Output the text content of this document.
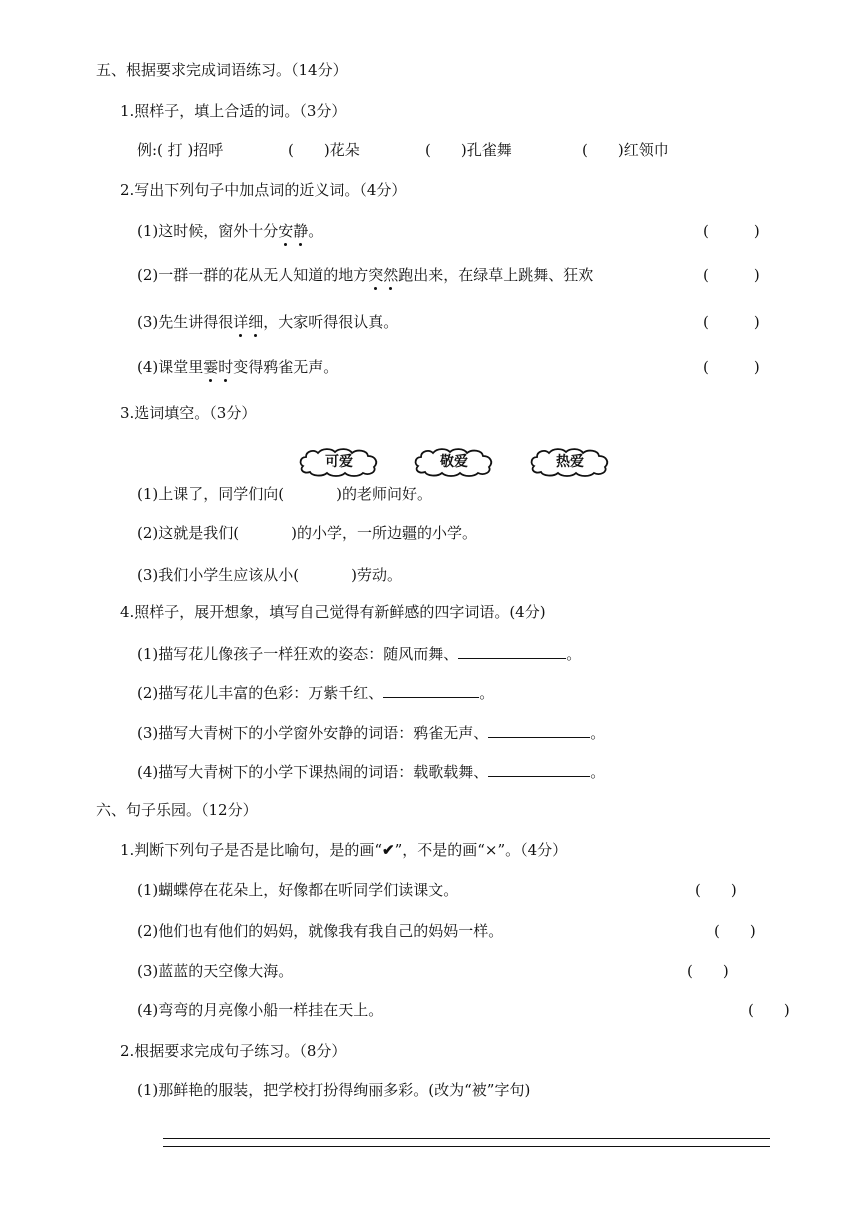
五、根据要求完成词语练习。（14分）
1.照样子，填上合适的词。（3分）
例:( 打 )招呼	(　　)花朵	(　　)孔雀舞	(　　)红领巾
2.写出下列句子中加点词的近义词。（4分）
(1)这时候，窗外十分安静。	(　　　)
(2)一群一群的花从无人知道的地方突然跑出来，在绿草上跳舞、狂欢	(　　　)
(3)先生讲得很详细，大家听得很认真。	(　　　)
(4)课堂里霎时变得鸦雀无声。	(　　　)
3.选词填空。（3分）
可爱	敬爱	热爱
(1)上课了，同学们向(	)的老师问好。
(2)这就是我们(	)的小学，一所边疆的小学。
(3)我们小学生应该从小(	)劳动。
4.照样子，展开想象，填写自己觉得有新鲜感的四字词语。(4分)
(1)描写花儿像孩子一样狂欢的姿态：随风而舞、	。
(2)描写花儿丰富的色彩：万紫千红、	。
(3)描写大青树下的小学窗外安静的词语：鸦雀无声、	。
(4)描写大青树下的小学下课热闹的词语：载歌载舞、	。
六、句子乐园。（12分）
1.判断下列句子是否是比喻句，是的画“✔”，不是的画“×”。（4分）
(1)蝴蝶停在花朵上，好像都在听同学们读课文。	(　　)
(2)他们也有他们的妈妈，就像我有我自己的妈妈一样。	(　　)
(3)蓝蓝的天空像大海。	(　　)
(4)弯弯的月亮像小船一样挂在天上。	(　　)
2.根据要求完成句子练习。（8分）
(1)那鲜艳的服装，把学校打扮得绚丽多彩。(改为“被”字句)
